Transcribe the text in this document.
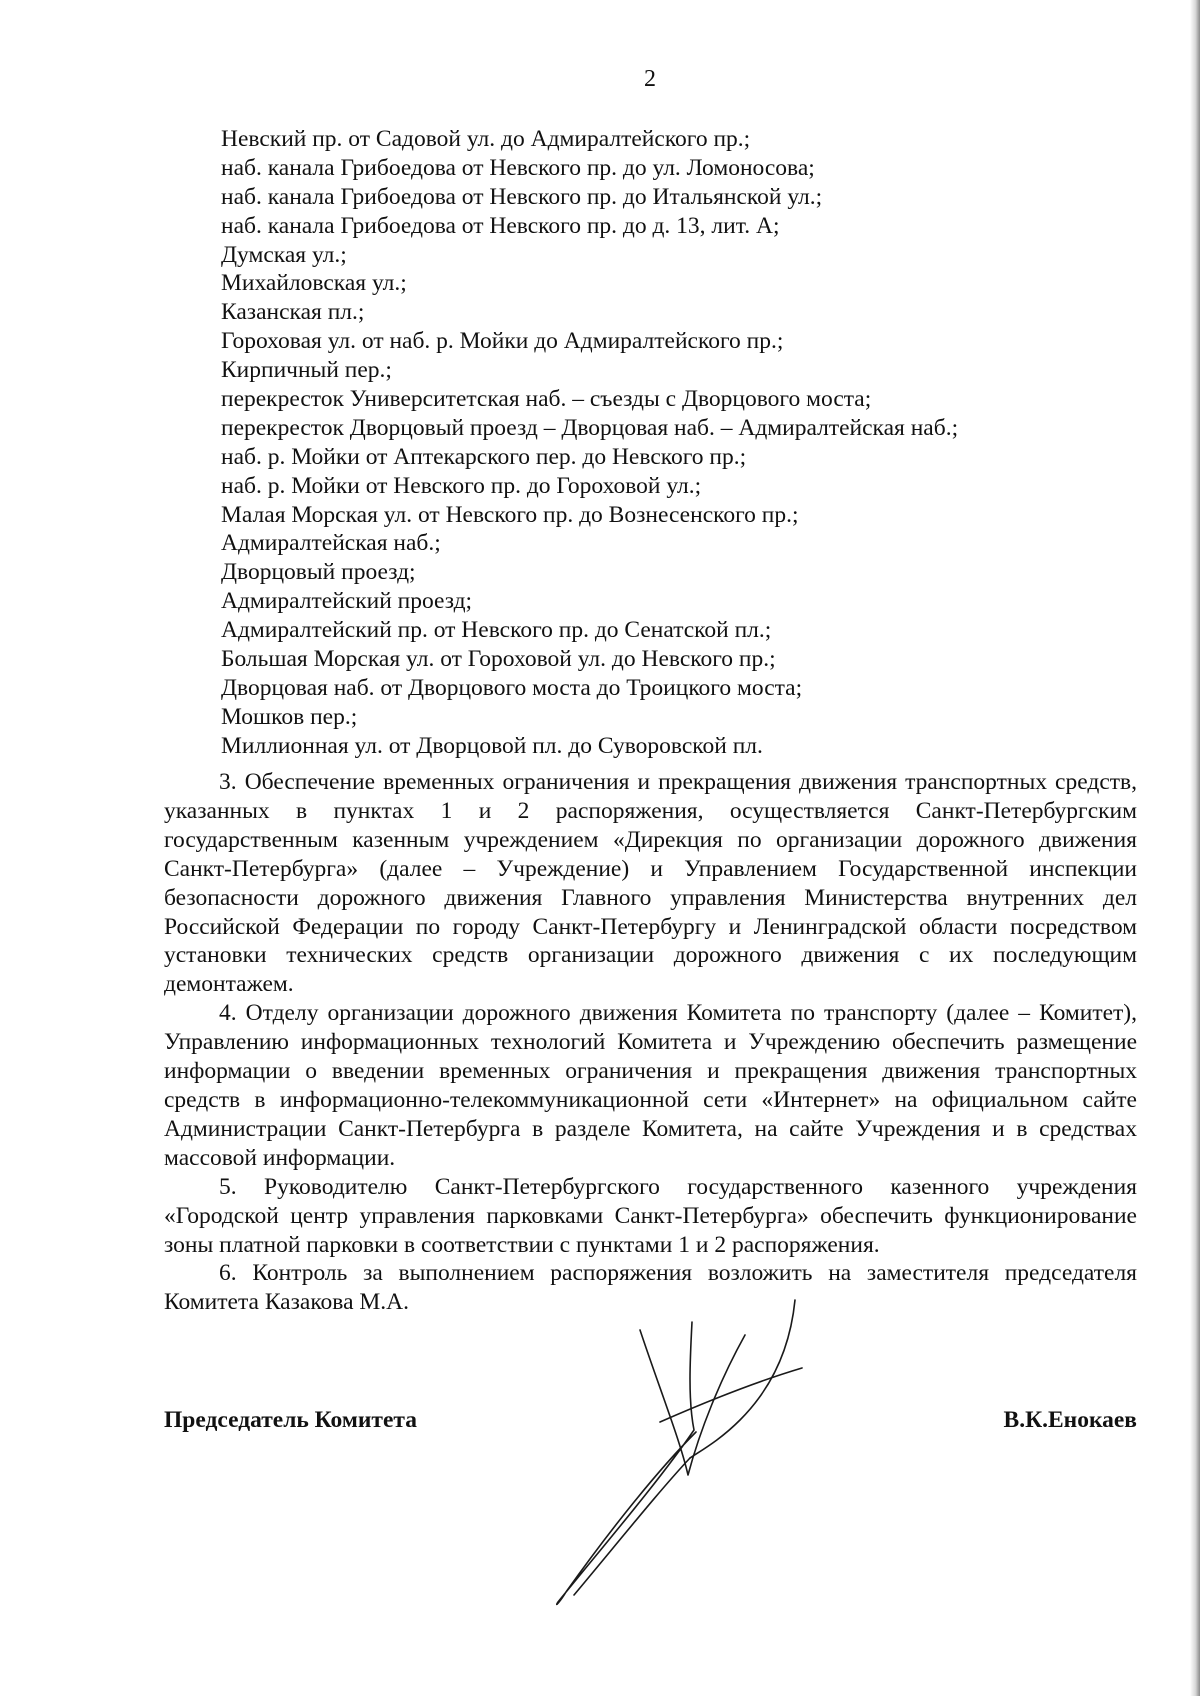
2
Невский пр. от Садовой ул. до Адмиралтейского пр.;
наб. канала Грибоедова от Невского пр. до ул. Ломоносова;
наб. канала Грибоедова от Невского пр. до Итальянской ул.;
наб. канала Грибоедова от Невского пр. до д. 13, лит. А;
Думская ул.;
Михайловская ул.;
Казанская пл.;
Гороховая ул. от наб. р. Мойки до Адмиралтейского пр.;
Кирпичный пер.;
перекресток Университетская наб. – съезды с Дворцового моста;
перекресток Дворцовый проезд – Дворцовая наб. – Адмиралтейская наб.;
наб. р. Мойки от Аптекарского пер. до Невского пр.;
наб. р. Мойки от Невского пр. до Гороховой ул.;
Малая Морская ул. от Невского пр. до Вознесенского пр.;
Адмиралтейская наб.;
Дворцовый проезд;
Адмиралтейский проезд;
Адмиралтейский пр. от Невского пр. до Сенатской пл.;
Большая Морская ул. от Гороховой ул. до Невского пр.;
Дворцовая наб. от Дворцового моста до Троицкого моста;
Мошков пер.;
Миллионная ул. от Дворцовой пл. до Суворовской пл.

3. Обеспечение временных ограничения и прекращения движения транспортных средств, указанных в пунктах 1 и 2 распоряжения, осуществляется Санкт-Петербургским государственным казенным учреждением «Дирекция по организации дорожного движения Санкт-Петербурга» (далее – Учреждение) и Управлением Государственной инспекции безопасности дорожного движения Главного управления Министерства внутренних дел Российской Федерации по городу Санкт-Петербургу и Ленинградской области посредством установки технических средств организации дорожного движения с их последующим демонтажем.

4. Отделу организации дорожного движения Комитета по транспорту (далее – Комитет), Управлению информационных технологий Комитета и Учреждению обеспечить размещение информации о введении временных ограничения и прекращения движения транспортных средств в информационно-телекоммуникационной сети «Интернет» на официальном сайте Администрации Санкт-Петербурга в разделе Комитета, на сайте Учреждения и в средствах массовой информации.

5. Руководителю Санкт-Петербургского государственного казенного учреждения «Городской центр управления парковками Санкт-Петербурга» обеспечить функционирование зоны платной парковки в соответствии с пунктами 1 и 2 распоряжения.

6. Контроль за выполнением распоряжения возложить на заместителя председателя Комитета Казакова М.А.

Председатель Комитета	В.К.Енокаев
